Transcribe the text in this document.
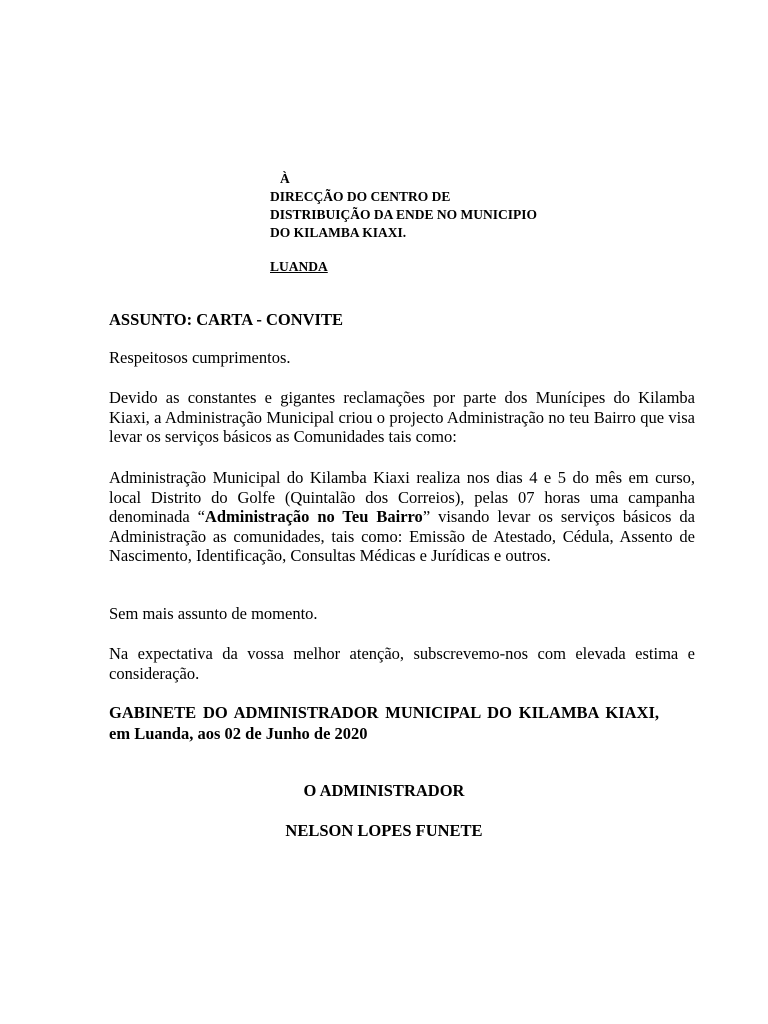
À
DIRECÇÃO DO CENTRO DE
DISTRIBUIÇÃO DA ENDE NO MUNICIPIO
DO KILAMBA KIAXI.
LUANDA
ASSUNTO: CARTA - CONVITE

Respeitosos cumprimentos.

Devido as constantes e gigantes reclamações por parte dos Munícipes do Kilamba Kiaxi, a Administração Municipal criou o projecto Administração no teu Bairro que visa levar os serviços básicos as Comunidades tais como:

Administração Municipal do Kilamba Kiaxi realiza nos dias 4 e 5 do mês em curso, local Distrito do Golfe (Quintalão dos Correios), pelas 07 horas uma campanha denominada “Administração no Teu Bairro” visando levar os serviços básicos da Administração as comunidades, tais como: Emissão de Atestado, Cédula, Assento de Nascimento, Identificação, Consultas Médicas e Jurídicas e outros.

Sem mais assunto de momento.

Na expectativa da vossa melhor atenção, subscrevemo-nos com elevada estima e consideração.

GABINETE DO ADMINISTRADOR MUNICIPAL DO KILAMBA KIAXI, em Luanda, aos 02 de Junho de 2020

O ADMINISTRADOR
NELSON LOPES FUNETE
